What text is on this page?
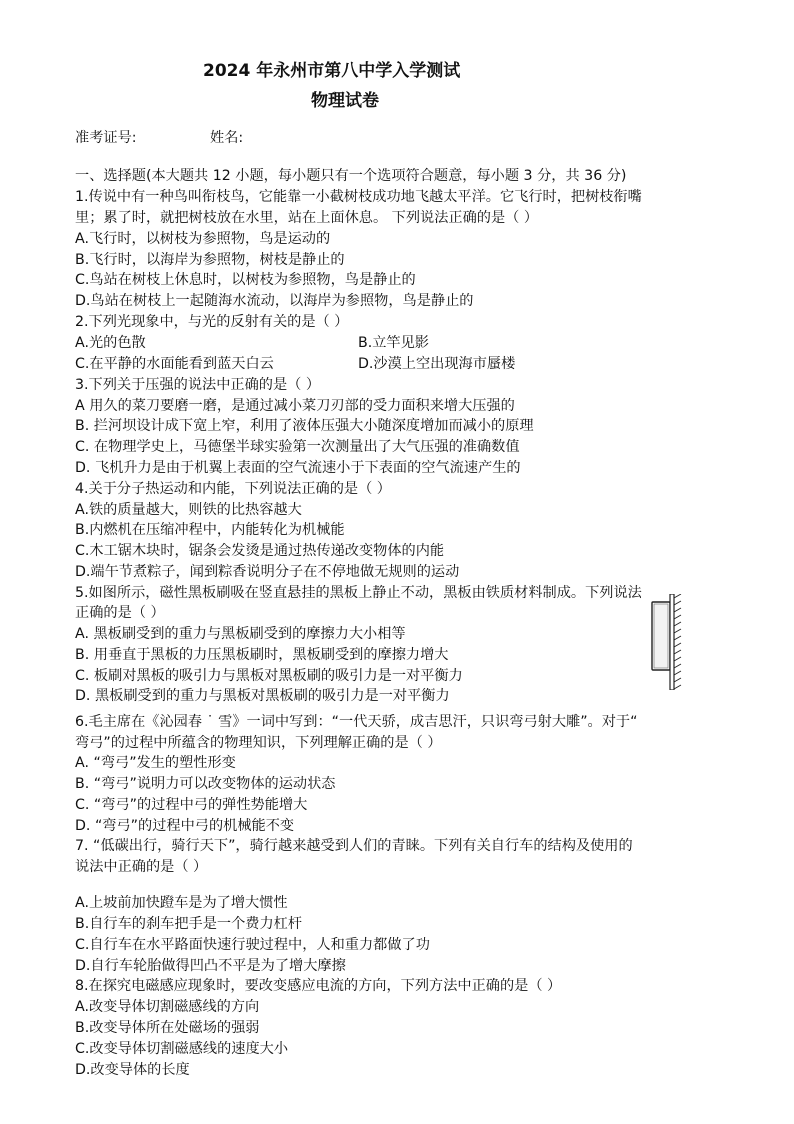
2024 年永州市第八中学入学测试
物理试卷
准考证号:	姓名:
一、选择题(本大题共 12 小题，每小题只有一个选项符合题意，每小题 3 分，共 36 分)
1.传说中有一种鸟叫衔枝鸟，它能靠一小截树枝成功地飞越太平洋。它飞行时，把树枝衔嘴
里；累了时，就把树枝放在水里，站在上面休息。 下列说法正确的是（ ）
A.飞行时，以树枝为参照物，鸟是运动的
B.飞行时，以海岸为参照物，树枝是静止的
C.鸟站在树枝上休息时，以树枝为参照物，鸟是静止的
D.鸟站在树枝上一起随海水流动，以海岸为参照物，鸟是静止的
2.下列光现象中，与光的反射有关的是（ ）
A.光的色散	B.立竿见影
C.在平静的水面能看到蓝天白云	D.沙漠上空出现海市蜃楼
3.下列关于压强的说法中正确的是（ ）
A 用久的菜刀要磨一磨，是通过减小菜刀刃部的受力面积来增大压强的
B. 拦河坝设计成下宽上窄，利用了液体压强大小随深度增加而减小的原理
C. 在物理学史上，马德堡半球实验第一次测量出了大气压强的准确数值
D. 飞机升力是由于机翼上表面的空气流速小于下表面的空气流速产生的
4.关于分子热运动和内能，下列说法正确的是（ ）
A.铁的质量越大，则铁的比热容越大
B.内燃机在压缩冲程中，内能转化为机械能
C.木工锯木块时，锯条会发烫是通过热传递改变物体的内能
D.端午节煮粽子，闻到粽香说明分子在不停地做无规则的运动
5.如图所示，磁性黑板刷吸在竖直悬挂的黑板上静止不动，黑板由铁质材料制成。下列说法
正确的是（ ）
A. 黑板刷受到的重力与黑板刷受到的摩擦力大小相等
B. 用垂直于黑板的力压黑板刷时，黑板刷受到的摩擦力增大
C. 板刷对黑板的吸引力与黑板对黑板刷的吸引力是一对平衡力
D. 黑板刷受到的重力与黑板对黑板刷的吸引力是一对平衡力
6.毛主席在《沁园春 ˙ 雪》一词中写到：“一代天骄，成吉思汗，只识弯弓射大雕”。对于“
弯弓”的过程中所蕴含的物理知识，下列理解正确的是（ ）
A. “弯弓”发生的塑性形变
B. “弯弓”说明力可以改变物体的运动状态
C. “弯弓”的过程中弓的弹性势能增大
D. “弯弓”的过程中弓的机械能不变
7. “低碳出行，骑行天下”，骑行越来越受到人们的青睐。下列有关自行车的结构及使用的
说法中正确的是（ ）
A.上坡前加快蹬车是为了增大惯性
B.自行车的刹车把手是一个费力杠杆
C.自行车在水平路面快速行驶过程中，人和重力都做了功
D.自行车轮胎做得凹凸不平是为了增大摩擦
8.在探究电磁感应现象时，要改变感应电流的方向，下列方法中正确的是（ ）
A.改变导体切割磁感线的方向
B.改变导体所在处磁场的强弱
C.改变导体切割磁感线的速度大小
D.改变导体的长度
